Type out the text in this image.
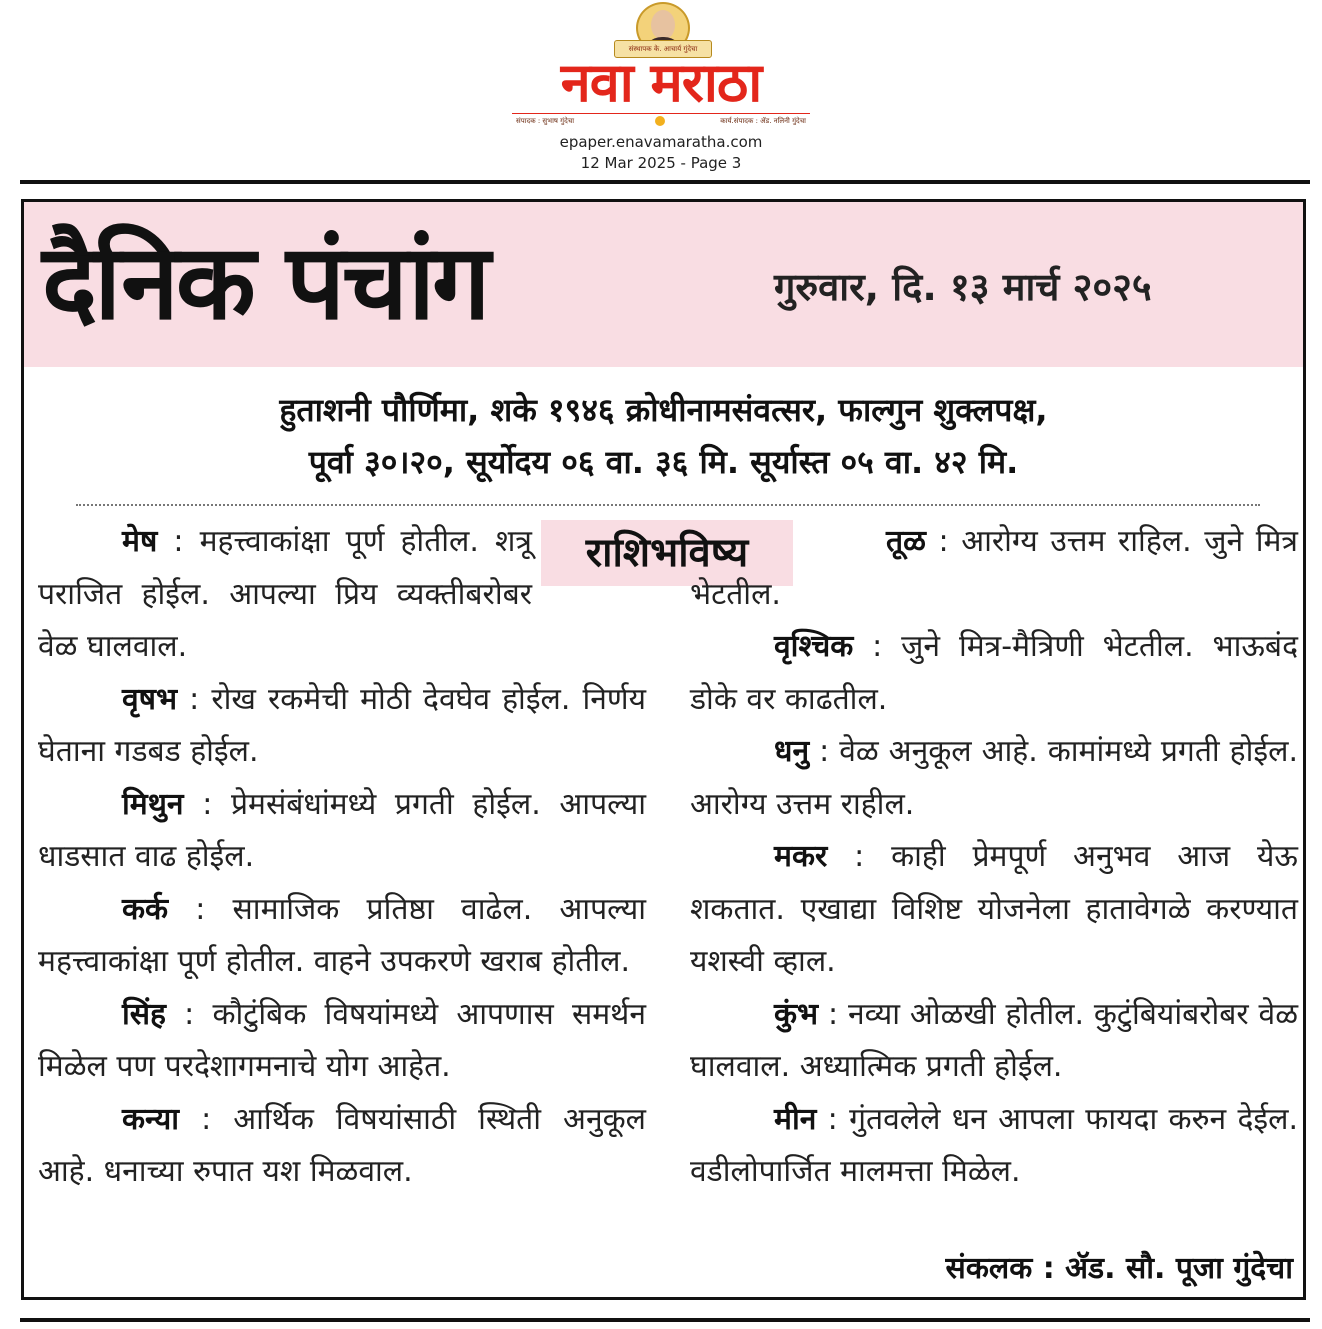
संस्थापक के. आचार्य गुंदेचा
नवा मराठा
संपादक : सुभाष गुंदेचा	कार्य.संपादक : ॲड. नलिनी गुंदेचा
epaper.enavamaratha.com
12 Mar 2025 - Page 3
दैनिक पंचांग	गुरुवार, दि. १३ मार्च २०२५
हुताशनी पौर्णिमा, शके १९४६ क्रोधीनामसंवत्सर, फाल्गुन शुक्लपक्ष,
पूर्वा ३०।२०, सूर्योदय ०६ वा. ३६ मि. सूर्यास्त ०५ वा. ४२ मि.
राशिभविष्य

मेष : महत्त्वाकांक्षा पूर्ण होतील. शत्रू पराजित होईल. आपल्या प्रिय व्यक्तीबरोबर वेळ घालवाल.

वृषभ : रोख रकमेची मोठी देवघेव होईल. निर्णय घेताना गडबड होईल.

मिथुन : प्रेमसंबंधांमध्ये प्रगती होईल. आपल्या धाडसात वाढ होईल.

कर्क : सामाजिक प्रतिष्ठा वाढेल. आपल्या महत्त्वाकांक्षा पूर्ण होतील. वाहने उपकरणे खराब होतील.

सिंह : कौटुंबिक विषयांमध्ये आपणास समर्थन मिळेल पण परदेशागमनाचे योग आहेत.

कन्या : आर्थिक विषयांसाठी स्थिती अनुकूल आहे. धनाच्या रुपात यश मिळवाल.

तूळ : आरोग्य उत्तम राहिल. जुने मित्र भेटतील.

वृश्चिक : जुने मित्र-मैत्रिणी भेटतील. भाऊबंद डोके वर काढतील.

धनु : वेळ अनुकूल आहे. कामांमध्ये प्रगती होईल. आरोग्य उत्तम राहील.

मकर : काही प्रेमपूर्ण अनुभव आज येऊ शकतात. एखाद्या विशिष्ट योजनेला हातावेगळे करण्यात यशस्वी व्हाल.

कुंभ : नव्या ओळखी होतील. कुटुंबियांबरोबर वेळ घालवाल. अध्यात्मिक प्रगती होईल.

मीन : गुंतवलेले धन आपला फायदा करुन देईल. वडीलोपार्जित मालमत्ता मिळेल.

संकलक : ॲड. सौ. पूजा गुंदेचा
